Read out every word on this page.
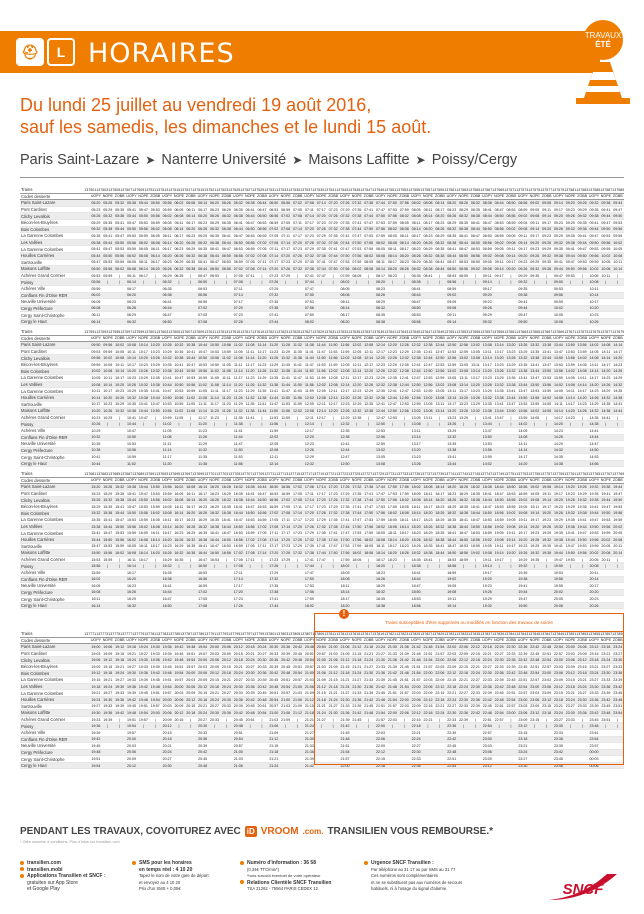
⛑	L HORAIRES
TRAVAUX
ÉTÉ
Du lundi 25 juillet au vendredi 19 août 2016,
sauf les samedis, les dimanches et le lundi 15 août.
Paris Saint-Lazare ➤ Nanterre Université ➤ Maisons Laffitte ➤ Poissy/Cergy
Trains	137501 137503 137505 137507 137509 137511 137513 137515 137517 137519 137521 137523 137525 137527 137529 137531 137533 137535 137537 137539 137541 137543 137545 137547 137549 137551 137553 137555 137557 137559 137561 137563 137565 137567 137569 137571 137573 137575 137577 137579 137581 137583 137585 137587 137589
Codes desserte	UOPY NOPE ZOBB UOPY NOPE ZOBB UOPY NOPE ZOBB UOPY NOPE ZOBB UOPY NOPE ZOBB UOPY NOPE ZOBB UOPY NOPE ZOBB UOPY NOPE ZOBB UOPY NOPE ZOBB UOPY NOPE ZOBB UOPY NOPE ZOBB UOPY NOPE ZOBB UOPY NOPE ZOBB UOPY NOPE ZOBB UOPY NOPE ZOBB
Paris Saint-Lazare	05:20 05:26 05:32 05:38 05:44 05:50 05:56 06:02 06:08 06:14 06:20 06:26 06:32 06:38 06:44 06:50 06:56 07:02 07:08 07:14 07:20 07:26 07:32 07:38 07:44 07:50 07:56 08:02 08:08 08:14 08:20 08:26 08:32 08:38 08:44 08:50 08:56 09:02 09:08 09:14 09:20 09:26 09:32 09:38 09:44
Pont Cardinet	05:23 05:29 05:35 05:41 05:47 05:53 05:59 06:05 06:11 06:17 06:23 06:29 06:35 06:41 06:47 06:53 06:59 07:05 07:11 07:17 07:23 07:29 07:35 07:41 07:47 07:53 07:59 08:05 08:11 08:17 08:23 08:29 08:35 08:41 08:47 08:53 08:59 09:05 09:11 09:17 09:23 09:29 09:35 09:41 09:47
Clichy Levallois	05:26 05:32 05:38 05:44 05:50 05:56 06:02 06:08 06:14 06:20 06:26 06:32 06:38 06:44 06:50 06:56 07:02 07:08 07:14 07:20 07:26 07:32 07:38 07:44 07:50 07:56 08:02 08:08 08:14 08:20 08:26 08:32 08:38 08:44 08:50 08:56 09:02 09:08 09:14 09:20 09:26 09:32 09:38 09:44 09:50
Bécon-les-Bruyères	05:29 05:35 05:41 05:47 05:53 05:59 06:05 06:11 06:17 06:23 06:29 06:35 06:41 06:47 06:53 06:59 07:05 07:11 07:17 07:23 07:29 07:35 07:41 07:47 07:53 07:59 08:05 08:11 08:17 08:23 08:29 08:35 08:41 08:47 08:53 08:59 09:05 09:11 09:17 09:23 09:29 09:35 09:41 09:47 09:53
Bois Colombes	05:32 05:38 05:44 05:50 05:56 06:02 06:08 06:14 06:20 06:26 06:32 06:38 06:44 06:50 06:56 07:02 07:08 07:14 07:20 07:26 07:32 07:38 07:44 07:50 07:56 08:02 08:08 08:14 08:20 08:26 08:32 08:38 08:44 08:50 08:56 09:02 09:08 09:14 09:20 09:26 09:32 09:38 09:44 09:50 09:56
La Garenne Colombes	05:35 05:41 05:47 05:53 05:59 06:05 06:11 06:17 06:23 06:29 06:35 06:41 06:47 06:53 06:59 07:05 07:11 07:17 07:23 07:29 07:35 07:41 07:47 07:53 07:59 08:05 08:11 08:17 08:23 08:29 08:35 08:41 08:47 08:53 08:59 09:05 09:11 09:17 09:23 09:29 09:35 09:41 09:47 09:53 09:59
Les Vallées	05:38 05:44 05:50 05:56 06:02 06:08 06:14 06:20 06:26 06:32 06:38 06:44 06:50 06:56 07:02 07:08 07:14 07:20 07:26 07:32 07:38 07:44 07:50 07:56 08:02 08:08 08:14 08:20 08:26 08:32 08:38 08:44 08:50 08:56 09:02 09:08 09:14 09:20 09:26 09:32 09:38 09:44 09:50 09:56 10:02
La Garenne Colombes	05:41 05:47 05:53 05:59 06:05 06:11 06:17 06:23 06:29 06:35 06:41 06:47 06:53 06:59 07:05 07:11 07:17 07:23 07:29 07:35 07:41 07:47 07:53 07:59 08:05 08:11 08:17 08:23 08:29 08:35 08:41 08:47 08:53 08:59 09:05 09:11 09:17 09:23 09:29 09:35 09:41 09:47 09:53 09:59 10:05
Houilles Carrières	05:44 05:50 05:56 06:02 06:08 06:14 06:20 06:26 06:32 06:38 06:44 06:50 06:56 07:02 07:08 07:14 07:20 07:26 07:32 07:38 07:44 07:50 07:56 08:02 08:08 08:14 08:20 08:26 08:32 08:38 08:44 08:50 08:56 09:02 09:08 09:14 09:20 09:26 09:32 09:38 09:44 09:50 09:56 10:02 10:08
Sartrouville	05:47 05:53 05:59 06:05 06:11 06:17 06:23 06:29 06:35 06:41 06:47 06:53 06:59 07:05 07:11 07:17 07:23 07:29 07:35 07:41 07:47 07:53 07:59 08:05 08:11 08:17 08:23 08:29 08:35 08:41 08:47 08:53 08:59 09:05 09:11 09:17 09:23 09:29 09:35 09:41 09:47 09:53 09:59 10:05 10:11
Maisons Laffitte	05:50 05:56 06:02 06:08 06:14 06:20 06:26 06:32 06:38 06:44 06:50 06:56 07:02 07:08 07:14 07:20 07:26 07:32 07:38 07:44 07:50 07:56 08:02 08:08 08:14 08:20 08:26 08:32 08:38 08:44 08:50 08:56 09:02 09:08 09:14 09:20 09:26 09:32 09:38 09:44 09:50 09:56 10:02 10:08 10:14
Achères Grand Cormier	05:53 05:59	|	06:11 06:17	|	06:29 06:35	|	06:47 06:53	|	07:05 07:11	|	07:23 07:29	|	07:41 07:47	|	07:59 08:05	|	08:17 08:23	|	08:35 08:41	|	08:53 08:59	|	09:11 09:17	|	09:29 09:35	|	09:47 09:53	|	10:05 10:11	|
Poissy	05:56	|	|	06:14	|	|	06:32	|	|	06:50	|	|	07:08	|	|	07:26	|	|	07:44	|	|	08:02	|	|	08:20	|	|	08:38	|	|	08:56	|	|	09:14	|	|	09:32	|	|	09:50	|	|	10:08	|	|
Achères Ville	05:59	06:17	06:35	06:53	07:11	07:29	07:47	08:05	08:23	08:41	08:59	09:17	09:35	09:53	10:11
Conflans Fin d'Oise RER	06:02	06:20	06:38	06:56	07:14	07:32	07:50	08:08	08:26	08:44	09:02	09:20	09:38	09:56	10:14
Neuville Université	06:05	06:23	06:41	06:59	07:17	07:35	07:53	08:11	08:29	08:47	09:05	09:23	09:41	09:59	10:17
Cergy Préfecture	06:08	06:26	06:44	07:02	07:20	07:38	07:56	08:14	08:32	08:50	09:08	09:26	09:44	10:02	10:20
Cergy Saint-Christophe	06:11	06:29	06:47	07:05	07:23	07:41	07:59	08:17	08:35	08:53	09:11	09:29	09:47	10:05	10:23
Cergy le Haut	06:14	06:32	06:50	07:08	07:26	07:44	08:02	08:20	08:38	08:56	09:14	09:32	09:50	10:08	10:26
Trains	137591 137593 137595 137597 137599 137601 137603 137605 137607 137609 137611 137613 137615 137617 137619 137621 137623 137625 137627 137629 137631 137633 137635 137637 137639 137641 137643 137645 137647 137649 137651 137653 137655 137657 137659 137661 137663 137665 137667 137669 137671 137673 137675 137677 137679
Codes desserte	UOPY NOPE ZOBB UOPY NOPE ZOBB UOPY NOPE ZOBB UOPY NOPE ZOBB UOPY NOPE ZOBB UOPY NOPE ZOBB UOPY NOPE ZOBB UOPY NOPE ZOBB UOPY NOPE ZOBB UOPY NOPE ZOBB UOPY NOPE ZOBB UOPY NOPE ZOBB UOPY NOPE ZOBB UOPY NOPE ZOBB UOPY NOPE ZOBB
Paris Saint-Lazare	09:50 09:56 10:02 10:08 10:14 10:20 10:26 10:32 10:38 10:44 10:50 10:56 11:02 11:08 11:14 11:20 11:26 11:32 11:38 11:44 11:50 11:56 12:02 12:08 12:14 12:20 12:26 12:32 12:38 12:44 12:50 12:56 13:02 13:08 13:14 13:20 13:26 13:32 13:38 13:44 13:50 13:56 14:02 14:08 14:14
Pont Cardinet	09:53 09:59 10:05 10:11 10:17 10:23 10:29 10:35 10:41 10:47 10:53 10:59 11:05 11:11 11:17 11:23 11:29 11:35 11:41 11:47 11:53 11:59 12:05 12:11 12:17 12:23 12:29 12:35 12:41 12:47 12:53 12:59 13:05 13:11 13:17 13:23 13:29 13:35 13:41 13:47 13:53 13:59 14:05 14:11 14:17
Clichy Levallois	09:56 10:02 10:08 10:14 10:20 10:26 10:32 10:38 10:44 10:50 10:56 11:02 11:08 11:14 11:20 11:26 11:32 11:38 11:44 11:50 11:56 12:02 12:08 12:14 12:20 12:26 12:32 12:38 12:44 12:50 12:56 13:02 13:08 13:14 13:20 13:26 13:32 13:38 13:44 13:50 13:56 14:02 14:08 14:14 14:20
Bécon-les-Bruyères	09:59 10:05 10:11 10:17 10:23 10:29 10:35 10:41 10:47 10:53 10:59 11:05 11:11 11:17 11:23 11:29 11:35 11:41 11:47 11:53 11:59 12:05 12:11 12:17 12:23 12:29 12:35 12:41 12:47 12:53 12:59 13:05 13:11 13:17 13:23 13:29 13:35 13:41 13:47 13:53 13:59 14:05 14:11 14:17 14:23
Bois Colombes	10:02 10:08 10:14 10:20 10:26 10:32 10:38 10:44 10:50 10:56 11:02 11:08 11:14 11:20 11:26 11:32 11:38 11:44 11:50 11:56 12:02 12:08 12:14 12:20 12:26 12:32 12:38 12:44 12:50 12:56 13:02 13:08 13:14 13:20 13:26 13:32 13:38 13:44 13:50 13:56 14:02 14:08 14:14 14:20 14:26
La Garenne Colombes	10:05 10:11 10:17 10:23 10:29 10:35 10:41 10:47 10:53 10:59 11:05 11:11 11:17 11:23 11:29 11:35 11:41 11:47 11:53 11:59 12:05 12:11 12:17 12:23 12:29 12:35 12:41 12:47 12:53 12:59 13:05 13:11 13:17 13:23 13:29 13:35 13:41 13:47 13:53 13:59 14:05 14:11 14:17 14:23 14:29
Les Vallées	10:08 10:14 10:20 10:26 10:32 10:38 10:44 10:50 10:56 11:02 11:08 11:14 11:20 11:26 11:32 11:38 11:44 11:50 11:56 12:02 12:08 12:14 12:20 12:26 12:32 12:38 12:44 12:50 12:56 13:02 13:08 13:14 13:20 13:26 13:32 13:38 13:44 13:50 13:56 14:02 14:08 14:14 14:20 14:26 14:32
La Garenne Colombes	10:11 10:17 10:23 10:29 10:35 10:41 10:47 10:53 10:59 11:05 11:11 11:17 11:23 11:29 11:35 11:41 11:47 11:53 11:59 12:05 12:11 12:17 12:23 12:29 12:35 12:41 12:47 12:53 12:59 13:05 13:11 13:17 13:23 13:29 13:35 13:41 13:47 13:53 13:59 14:05 14:11 14:17 14:23 14:29 14:35
Houilles Carrières	10:14 10:20 10:26 10:32 10:38 10:44 10:50 10:56 11:02 11:08 11:14 11:20 11:26 11:32 11:38 11:44 11:50 11:56 12:02 12:08 12:14 12:20 12:26 12:32 12:38 12:44 12:50 12:56 13:02 13:08 13:14 13:20 13:26 13:32 13:38 13:44 13:50 13:56 14:02 14:08 14:14 14:20 14:26 14:32 14:38
Sartrouville	10:17 10:23 10:29 10:35 10:41 10:47 10:53 10:59 11:05 11:11 11:17 11:23 11:29 11:35 11:41 11:47 11:53 11:59 12:05 12:11 12:17 12:23 12:29 12:35 12:41 12:47 12:53 12:59 13:05 13:11 13:17 13:23 13:29 13:35 13:41 13:47 13:53 13:59 14:05 14:11 14:17 14:23 14:29 14:35 14:41
Maisons Laffitte	10:20 10:26 10:32 10:38 10:44 10:50 10:56 11:02 11:08 11:14 11:20 11:26 11:32 11:38 11:44 11:50 11:56 12:02 12:08 12:14 12:20 12:26 12:32 12:38 12:44 12:50 12:56 13:02 13:08 13:14 13:20 13:26 13:32 13:38 13:44 13:50 13:56 14:02 14:08 14:14 14:20 14:26 14:32 14:38 14:44
Achères Grand Cormier	10:23 10:29	|	10:41 10:47	|	10:59 11:05	|	11:17 11:23	|	11:35 11:41	|	11:53 11:59	|	12:11 12:17	|	12:29 12:35	|	12:47 12:53	|	13:05 13:11	|	13:23 13:29	|	13:41 13:47	|	13:59 14:05	|	14:17 14:23	|	14:35 14:41	|
Poissy	10:26	|	|	10:44	|	|	11:02	|	|	11:20	|	|	11:38	|	|	11:56	|	|	12:14	|	|	12:32	|	|	12:50	|	|	13:08	|	|	13:26	|	|	13:44	|	|	14:02	|	|	14:20	|	|	14:38	|	|
Achères Ville	10:29	10:47	11:05	11:23	11:41	11:59	12:17	12:35	12:53	13:11	13:29	13:47	14:05	14:23	14:41
Conflans Fin d'Oise RER	10:32	10:50	11:08	11:26	11:44	12:02	12:20	12:38	12:56	13:14	13:32	13:50	14:08	14:26	14:44
Neuville Université	10:35	10:53	11:11	11:29	11:47	12:05	12:23	12:41	12:59	13:17	13:35	13:53	14:11	14:29	14:47
Cergy Préfecture	10:38	10:56	11:14	11:32	11:50	12:08	12:26	12:44	13:02	13:20	13:38	13:56	14:14	14:32	14:50
Cergy Saint-Christophe	10:41	10:59	11:17	11:35	11:53	12:11	12:29	12:47	13:05	13:23	13:41	13:59	14:17	14:35	14:53
Cergy le Haut	10:44	11:02	11:20	11:38	11:56	12:14	12:32	12:50	13:08	13:26	13:44	14:02	14:20	14:38	14:56
Trains	137681 137683 137685 137687 137689 137691 137693 137695 137697 137699 137701 137703 137705 137707 137709 137711 137713 137715 137717 137719 137721 137723 137725 137727 137729 137731 137733 137735 137737 137739 137741 137743 137745 137747 137749 137751 137753 137755 137757 137759 137761 137763 137765 137767 137769
Codes desserte	UOPY NOPE ZOBB UOPY NOPE ZOBB UOPY NOPE ZOBB UOPY NOPE ZOBB UOPY NOPE ZOBB UOPY NOPE ZOBB UOPY NOPE ZOBB UOPY NOPE ZOBB UOPY NOPE ZOBB UOPY NOPE ZOBB UOPY NOPE ZOBB UOPY NOPE ZOBB UOPY NOPE ZOBB UOPY NOPE ZOBB UOPY NOPE ZOBB
Paris Saint-Lazare	15:20 15:26 15:32 15:38 15:44 15:50 15:56 16:02 16:08 16:14 16:20 16:26 16:32 16:38 16:44 16:50 16:56 17:02 17:08 17:14 17:20 17:26 17:32 17:38 17:44 17:50 17:56 18:02 18:08 18:14 18:20 18:26 18:32 18:38 18:44 18:50 18:56 19:02 19:08 19:14 19:20 19:26 19:32 19:38 19:44
Pont Cardinet	15:23 15:29 15:35 15:41 15:47 15:53 15:59 16:05 16:11 16:17 16:23 16:29 16:35 16:41 16:47 16:53 16:59 17:05 17:11 17:17 17:23 17:29 17:35 17:41 17:47 17:53 17:59 18:05 18:11 18:17 18:23 18:29 18:35 18:41 18:47 18:53 18:59 19:05 19:11 19:17 19:23 19:29 19:35 19:41 19:47
Clichy Levallois	15:26 15:32 15:38 15:44 15:50 15:56 16:02 16:08 16:14 16:20 16:26 16:32 16:38 16:44 16:50 16:56 17:02 17:08 17:14 17:20 17:26 17:32 17:38 17:44 17:50 17:56 18:02 18:08 18:14 18:20 18:26 18:32 18:38 18:44 18:50 18:56 19:02 19:08 19:14 19:20 19:26 19:32 19:38 19:44 19:50
Bécon-les-Bruyères	15:29 15:35 15:41 15:47 15:53 15:59 16:05 16:11 16:17 16:23 16:29 16:35 16:41 16:47 16:53 16:59 17:05 17:11 17:17 17:23 17:29 17:35 17:41 17:47 17:53 17:59 18:05 18:11 18:17 18:23 18:29 18:35 18:41 18:47 18:53 18:59 19:05 19:11 19:17 19:23 19:29 19:35 19:41 19:47 19:53
Bois Colombes	15:32 15:38 15:44 15:50 15:56 16:02 16:08 16:14 16:20 16:26 16:32 16:38 16:44 16:50 16:56 17:02 17:08 17:14 17:20 17:26 17:32 17:38 17:44 17:50 17:56 18:02 18:08 18:14 18:20 18:26 18:32 18:38 18:44 18:50 18:56 19:02 19:08 19:14 19:20 19:26 19:32 19:38 19:44 19:50 19:56
La Garenne Colombes	15:35 15:41 15:47 15:53 15:59 16:05 16:11 16:17 16:23 16:29 16:35 16:41 16:47 16:53 16:59 17:05 17:11 17:17 17:23 17:29 17:35 17:41 17:47 17:53 17:59 18:05 18:11 18:17 18:23 18:29 18:35 18:41 18:47 18:53 18:59 19:05 19:11 19:17 19:23 19:29 19:35 19:41 19:47 19:53 19:59
Les Vallées	15:38 15:44 15:50 15:56 16:02 16:08 16:14 16:20 16:26 16:32 16:38 16:44 16:50 16:56 17:02 17:08 17:14 17:20 17:26 17:32 17:38 17:44 17:50 17:56 18:02 18:08 18:14 18:20 18:26 18:32 18:38 18:44 18:50 18:56 19:02 19:08 19:14 19:20 19:26 19:32 19:38 19:44 19:50 19:56 20:02
La Garenne Colombes	15:41 15:47 15:53 15:59 16:05 16:11 16:17 16:23 16:29 16:35 16:41 16:47 16:53 16:59 17:05 17:11 17:17 17:23 17:29 17:35 17:41 17:47 17:53 17:59 18:05 18:11 18:17 18:23 18:29 18:35 18:41 18:47 18:53 18:59 19:05 19:11 19:17 19:23 19:29 19:35 19:41 19:47 19:53 19:59 20:05
Houilles Carrières	15:44 15:50 15:56 16:02 16:08 16:14 16:20 16:26 16:32 16:38 16:44 16:50 16:56 17:02 17:08 17:14 17:20 17:26 17:32 17:38 17:44 17:50 17:56 18:02 18:08 18:14 18:20 18:26 18:32 18:38 18:44 18:50 18:56 19:02 19:08 19:14 19:20 19:26 19:32 19:38 19:44 19:50 19:56 20:02 20:08
Sartrouville	15:47 15:53 15:59 16:05 16:11 16:17 16:23 16:29 16:35 16:41 16:47 16:53 16:59 17:05 17:11 17:17 17:23 17:29 17:35 17:41 17:47 17:53 17:59 18:05 18:11 18:17 18:23 18:29 18:35 18:41 18:47 18:53 18:59 19:05 19:11 19:17 19:23 19:29 19:35 19:41 19:47 19:53 19:59 20:05 20:11
Maisons Laffitte	15:50 15:56 16:02 16:08 16:14 16:20 16:26 16:32 16:38 16:44 16:50 16:56 17:02 17:08 17:14 17:20 17:26 17:32 17:38 17:44 17:50 17:56 18:02 18:08 18:14 18:20 18:26 18:32 18:38 18:44 18:50 18:56 19:02 19:08 19:14 19:20 19:26 19:32 19:38 19:44 19:50 19:56 20:02 20:08 20:14
Achères Grand Cormier	15:53 15:59	|	16:11 16:17	|	16:29 16:35	|	16:47 16:53	|	17:05 17:11	|	17:23 17:29	|	17:41 17:47	|	17:59 18:05	|	18:17 18:23	|	18:35 18:41	|	18:53 18:59	|	19:11 19:17	|	19:29 19:35	|	19:47 19:53	|	20:05 20:11	|
Poissy	15:56	|	|	16:14	|	|	16:32	|	|	16:50	|	|	17:08	|	|	17:26	|	|	17:44	|	|	18:02	|	|	18:20	|	|	18:38	|	|	18:56	|	|	19:14	|	|	19:32	|	|	19:50	|	|	20:08	|	|
Achères Ville	15:59	16:17	16:35	16:53	17:11	17:29	17:47	18:05	18:23	18:41	18:59	19:17	19:35	19:53	20:11
Conflans Fin d'Oise RER	16:02	16:20	16:38	16:56	17:14	17:32	17:50	18:08	18:26	18:44	19:02	19:20	19:38	19:56	20:14
Neuville Université	16:05	16:23	16:41	16:59	17:17	17:35	17:53	18:11	18:29	18:47	19:05	19:23	19:41	19:59	20:17
Cergy Préfecture	16:08	16:26	16:44	17:02	17:20	17:38	17:56	18:14	18:32	18:50	19:08	19:26	19:44	20:02	20:20
Cergy Saint-Christophe	16:11	16:29	16:47	17:05	17:23	17:41	17:59	18:17	18:35	18:53	19:11	19:29	19:47	20:05	20:23
Cergy le Haut	16:14	16:32	16:50	17:08	17:26	17:44	18:02	18:20	18:38	18:56	19:14	19:32	19:50	20:08	20:26
Trains	137771 137773 137775 137777 137779 137781 137783 137785 137787 137789 137791 137793 137795 137797 137799 137801 137803 137805 137807 137809 137811 137813 137815 137817 137819 137821 137823 137825 137827 137829 137831 137833 137835 137837 137839 137841 137843 137845 137847 137849 137851 137853 137855 137857 137859
Codes desserte	UOPY NOPE ZOBB UOPY NOPE ZOBB UOPY NOPE ZOBB UOPY NOPE ZOBB UOPY NOPE ZOBB UOPY NOPE ZOBB UOPY NOPE ZOBB UOPY NOPE ZOBB UOPY NOPE ZOBB UOPY NOPE ZOBB UOPY NOPE ZOBB UOPY NOPE ZOBB UOPY NOPE ZOBB UOPY NOPE ZOBB UOPY NOPE ZOBB
Paris Saint-Lazare	19:00 19:06 19:12 19:18 19:24 19:30 19:36 19:42 19:48 19:54 20:00 20:06 20:12 20:18 20:24 20:30 20:36 20:42 20:48 20:54 21:00 21:06 21:12 21:18 21:24 21:30 21:36 21:42 21:48 21:54 22:00 22:06 22:12 22:18 22:24 22:30 22:36 22:42 22:48 22:54 23:00 23:06 23:12 23:18 23:24
Pont Cardinet	19:03 19:09 19:15 19:21 19:27 19:33 19:39 19:45 19:51 19:57 20:03 20:09 20:15 20:21 20:27 20:33 20:39 20:45 20:51 20:57 21:03 21:09 21:15 21:21 21:27 21:33 21:39 21:45 21:51 21:57 22:03 22:09 22:15 22:21 22:27 22:33 22:39 22:45 22:51 22:57 23:03 23:09 23:15 23:21 23:27
Clichy Levallois	19:06 19:12 19:18 19:24 19:30 19:36 19:42 19:48 19:54 20:00 20:06 20:12 20:18 20:24 20:30 20:36 20:42 20:48 20:54 21:00 21:06 21:12 21:18 21:24 21:30 21:36 21:42 21:48 21:54 22:00 22:06 22:12 22:18 22:24 22:30 22:36 22:42 22:48 22:54 23:00 23:06 23:12 23:18 23:24 23:30
Bécon-les-Bruyères	19:09 19:15 19:21 19:27 19:33 19:39 19:45 19:51 19:57 20:03 20:09 20:15 20:21 20:27 20:33 20:39 20:45 20:51 20:57 21:03 21:09 21:15 21:21 21:27 21:33 21:39 21:45 21:51 21:57 22:03 22:09 22:15 22:21 22:27 22:33 22:39 22:45 22:51 22:57 23:03 23:09 23:15 23:21 23:27 23:33
Bois Colombes	19:12 19:18 19:24 19:30 19:36 19:42 19:48 19:54 20:00 20:06 20:12 20:18 20:24 20:30 20:36 20:42 20:48 20:54 21:00 21:06 21:12 21:18 21:24 21:30 21:36 21:42 21:48 21:54 22:00 22:06 22:12 22:18 22:24 22:30 22:36 22:42 22:48 22:54 23:00 23:06 23:12 23:18 23:24 23:30 23:36
La Garenne Colombes	19:15 19:21 19:27 19:33 19:39 19:45 19:51 19:57 20:03 20:09 20:15 20:21 20:27 20:33 20:39 20:45 20:51 20:57 21:03 21:09 21:15 21:21 21:27 21:33 21:39 21:45 21:51 21:57 22:03 22:09 22:15 22:21 22:27 22:33 22:39 22:45 22:51 22:57 23:03 23:09 23:15 23:21 23:27 23:33 23:39
Les Vallées	19:18 19:24 19:30 19:36 19:42 19:48 19:54 20:00 20:06 20:12 20:18 20:24 20:30 20:36 20:42 20:48 20:54 21:00 21:06 21:12 21:18 21:24 21:30 21:36 21:42 21:48 21:54 22:00 22:06 22:12 22:18 22:24 22:30 22:36 22:42 22:48 22:54 23:00 23:06 23:12 23:18 23:24 23:30 23:36 23:42
La Garenne Colombes	19:21 19:27 19:33 19:39 19:45 19:51 19:57 20:03 20:09 20:15 20:21 20:27 20:33 20:39 20:45 20:51 20:57 21:03 21:09 21:15 21:21 21:27 21:33 21:39 21:45 21:51 21:57 22:03 22:09 22:15 22:21 22:27 22:33 22:39 22:45 22:51 22:57 23:03 23:09 23:15 23:21 23:27 23:33 23:39 23:45
Houilles Carrières	19:24 19:30 19:36 19:42 19:48 19:54 20:00 20:06 20:12 20:18 20:24 20:30 20:36 20:42 20:48 20:54 21:00 21:06 21:12 21:18 21:24 21:30 21:36 21:42 21:48 21:54 22:00 22:06 22:12 22:18 22:24 22:30 22:36 22:42 22:48 22:54 23:00 23:06 23:12 23:18 23:24 23:30 23:36 23:42 23:48
Sartrouville	19:27 19:33 19:39 19:45 19:51 19:57 20:03 20:09 20:15 20:21 20:27 20:33 20:39 20:45 20:51 20:57 21:03 21:09 21:15 21:21 21:27 21:33 21:39 21:45 21:51 21:57 22:03 22:09 22:15 22:21 22:27 22:33 22:39 22:45 22:51 22:57 23:03 23:09 23:15 23:21 23:27 23:33 23:39 23:45 23:51
Maisons Laffitte	19:30 19:36 19:42 19:48 19:54 20:00 20:06 20:12 20:18 20:24 20:30 20:36 20:42 20:48 20:54 21:00 21:06 21:12 21:18 21:24 21:30 21:36 21:42 21:48 21:54 22:00 22:06 22:12 22:18 22:24 22:30 22:36 22:42 22:48 22:54 23:00 23:06 23:12 23:18 23:24 23:30 23:36 23:42 23:48 23:54
Achères Grand Cormier	19:33 19:39	|	19:51 19:57	|	20:09 20:15	|	20:27 20:33	|	20:45 20:51	|	21:03 21:09	|	21:21 21:27	|	21:39 21:45	|	21:57 22:03	|	22:15 22:21	|	22:33 22:39	|	22:51 22:57	|	23:09 23:15	|	23:27 23:33	|	23:45 23:51	|
Poissy	19:36	|	|	19:54	|	|	20:12	|	|	20:30	|	|	20:48	|	|	21:06	|	|	21:24	|	|	21:42	|	|	22:00	|	|	22:18	|	|	22:36	|	|	22:54	|	|	23:12	|	|	23:30	|	|	23:48	|	|
Achères Ville	19:39	19:57	20:15	20:33	20:51	21:09	21:27	21:45	22:03	22:21	22:39	22:57	23:15	23:33	23:51
Conflans Fin d'Oise RER	19:42	20:00	20:18	20:36	20:54	21:12	21:30	21:48	22:06	22:24	22:42	23:00	23:18	23:36	23:54
Neuville Université	19:45	20:03	20:21	20:39	20:57	21:15	21:33	21:51	22:09	22:27	22:45	23:03	23:21	23:39	23:57
Cergy Préfecture	19:48	20:06	20:24	20:42	21:00	21:18	21:36	21:54	22:12	22:30	22:48	23:06	23:24	23:42	00:00
Cergy Saint-Christophe	19:51	20:09	20:27	20:45	21:03	21:21	21:39	21:57	22:15	22:33	22:51	23:09	23:27	23:45	00:03
Cergy le Haut	19:54	20:12	20:30	20:48	21:06	21:24	21:42	22:00	22:18	22:36	22:54	23:12	23:30	23:48	00:06
Trains susceptibles d'être supprimés ou modifiés en fonction des travaux de soirée
!
PENDANT LES TRAVAUX, COVOITUREZ AVEC iD VROOM .com. TRANSILIEN VOUS REMBOURSE.*
* Offre soumise à conditions. Plus d'infos sur transilien.com
transilien.com
transilien.mobi
Applications Transilien et SNCF :
gratuites sur App Store
et Google Play
SMS pour les horaires
en temps réel : 4 10 20
Tapez le nom de votre gare de départ
et envoyez au 4 10 20
Prix d'un SMS + 0,05€
Numéro d'information : 36 58
(0,34€ TTC/min*)
*hors surcoût éventuel de votre opérateur
Relations Clientèle SNCF Transilien
TSA 21262 - 75564 PARIS CEDEX 12
Urgence SNCF Transilien :
Par téléphone au 31 17 ou par SMS au 31 77
Ces numéros sont complémentaires
et ne se substituent pas aux numéros de secours
habituels, ni à l'usage du signal d'alarme.	SNCF
